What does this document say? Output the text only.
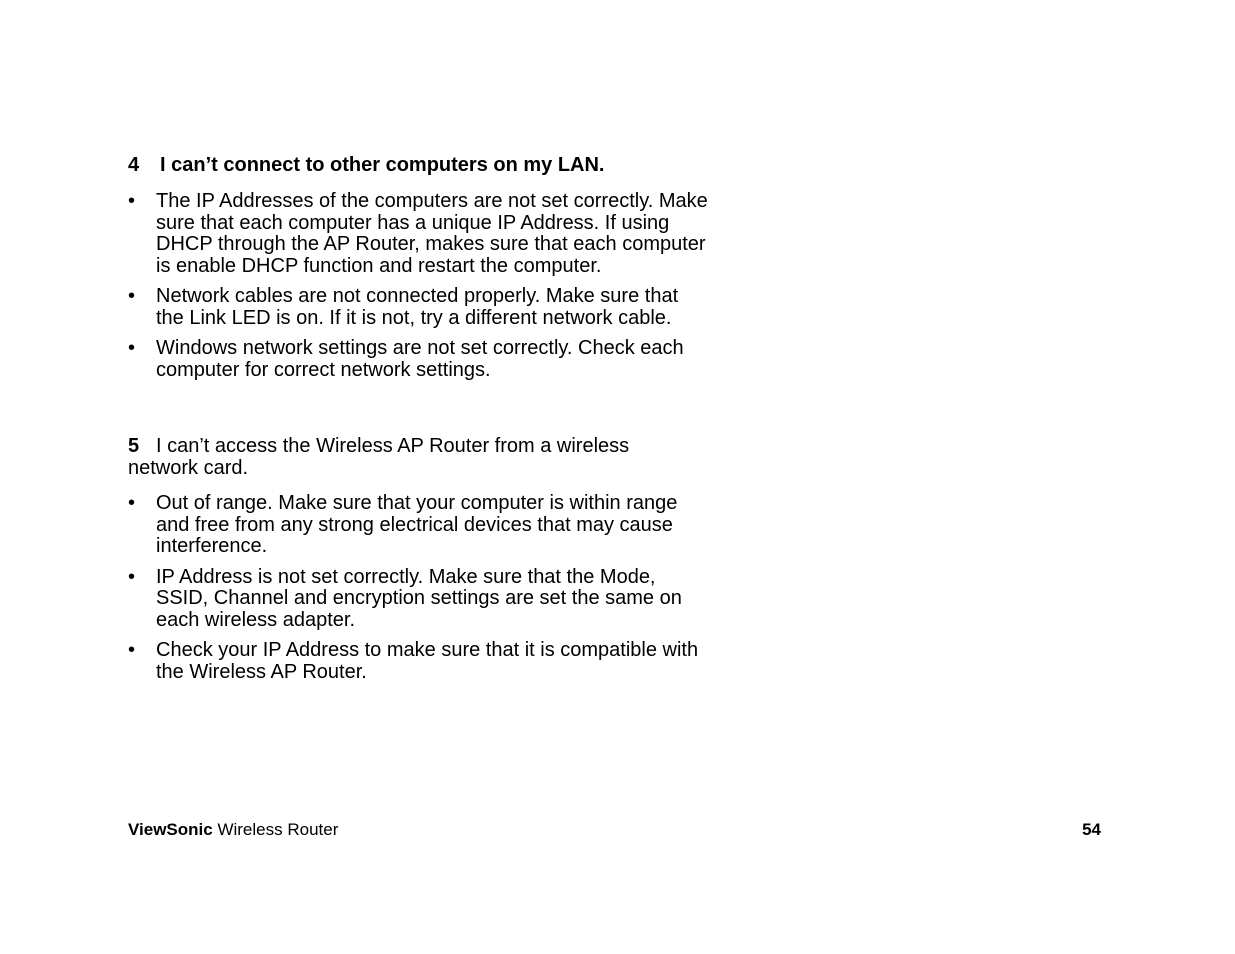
4 I can’t connect to other computers on my LAN.
• The IP Addresses of the computers are not set correctly. Make sure that each computer has a unique IP Address. If using DHCP through the AP Router, makes sure that each computer is enable DHCP function and restart the computer.
• Network cables are not connected properly. Make sure that the Link LED is on. If it is not, try a different network cable.
• Windows network settings are not set correctly. Check each computer for correct network settings.
5 I can’t access the Wireless AP Router from a wireless
network card.
• Out of range. Make sure that your computer is within range and free from any strong electrical devices that may cause interference.
• IP Address is not set correctly. Make sure that the Mode, SSID, Channel and encryption settings are set the same on each wireless adapter.
• Check your IP Address to make sure that it is compatible with the Wireless AP Router.
ViewSonic Wireless Router	54
